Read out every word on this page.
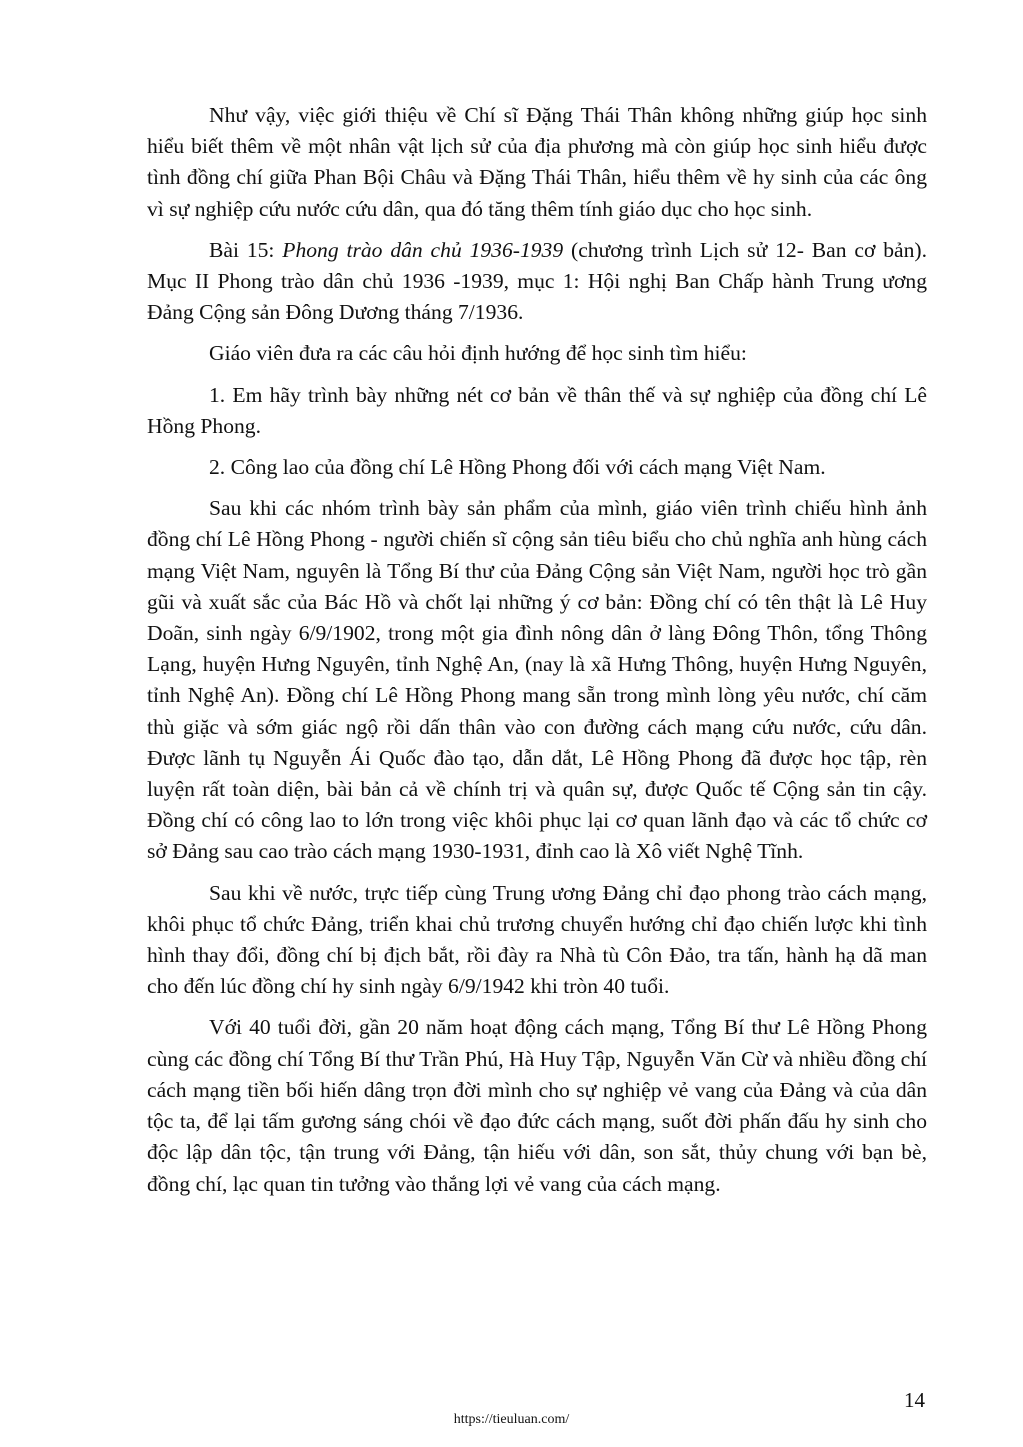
Như vậy, việc giới thiệu về Chí sĩ Đặng Thái Thân không những giúp học sinh hiểu biết thêm về một nhân vật lịch sử của địa phương mà còn giúp học sinh hiểu được tình đồng chí giữa Phan Bội Châu và Đặng Thái Thân, hiểu thêm về hy sinh của các ông vì sự nghiệp cứu nước cứu dân, qua đó tăng thêm tính giáo dục cho học sinh.

Bài 15: Phong trào dân chủ 1936-1939 (chương trình Lịch sử 12- Ban cơ bản). Mục II Phong trào dân chủ 1936 -1939, mục 1: Hội nghị Ban Chấp hành Trung ương Đảng Cộng sản Đông Dương tháng 7/1936.

Giáo viên đưa ra các câu hỏi định hướng để học sinh tìm hiểu:

1. Em hãy trình bày những nét cơ bản về thân thế và sự nghiệp của đồng chí Lê Hồng Phong.

2. Công lao của đồng chí Lê Hồng Phong đối với cách mạng Việt Nam.

Sau khi các nhóm trình bày sản phẩm của mình, giáo viên trình chiếu hình ảnh đồng chí Lê Hồng Phong - người chiến sĩ cộng sản tiêu biểu cho chủ nghĩa anh hùng cách mạng Việt Nam, nguyên là Tổng Bí thư của Đảng Cộng sản Việt Nam, người học trò gần gũi và xuất sắc của Bác Hồ và chốt lại những ý cơ bản: Đồng chí có tên thật là Lê Huy Doãn, sinh ngày 6/9/1902, trong một gia đình nông dân ở làng Đông Thôn, tổng Thông Lạng, huyện Hưng Nguyên, tỉnh Nghệ An, (nay là xã Hưng Thông, huyện Hưng Nguyên, tỉnh Nghệ An). Đồng chí Lê Hồng Phong mang sẵn trong mình lòng yêu nước, chí căm thù giặc và sớm giác ngộ rồi dấn thân vào con đường cách mạng cứu nước, cứu dân. Được lãnh tụ Nguyễn Ái Quốc đào tạo, dẫn dắt, Lê Hồng Phong đã được học tập, rèn luyện rất toàn diện, bài bản cả về chính trị và quân sự, được Quốc tế Cộng sản tin cậy. Đồng chí có công lao to lớn trong việc khôi phục lại cơ quan lãnh đạo và các tổ chức cơ sở Đảng sau cao trào cách mạng 1930-1931, đỉnh cao là Xô viết Nghệ Tĩnh.

Sau khi về nước, trực tiếp cùng Trung ương Đảng chỉ đạo phong trào cách mạng, khôi phục tổ chức Đảng, triển khai chủ trương chuyển hướng chỉ đạo chiến lược khi tình hình thay đổi, đồng chí bị địch bắt, rồi đày ra Nhà tù Côn Đảo, tra tấn, hành hạ dã man cho đến lúc đồng chí hy sinh ngày 6/9/1942 khi tròn 40 tuổi.

Với 40 tuổi đời, gần 20 năm hoạt động cách mạng, Tổng Bí thư Lê Hồng Phong cùng các đồng chí Tổng Bí thư Trần Phú, Hà Huy Tập, Nguyễn Văn Cừ và nhiều đồng chí cách mạng tiền bối hiến dâng trọn đời mình cho sự nghiệp vẻ vang của Đảng và của dân tộc ta, để lại tấm gương sáng chói về đạo đức cách mạng, suốt đời phấn đấu hy sinh cho độc lập dân tộc, tận trung với Đảng, tận hiếu với dân, son sắt, thủy chung với bạn bè, đồng chí, lạc quan tin tưởng vào thắng lợi vẻ vang của cách mạng.

14
https://tieuluan.com/
